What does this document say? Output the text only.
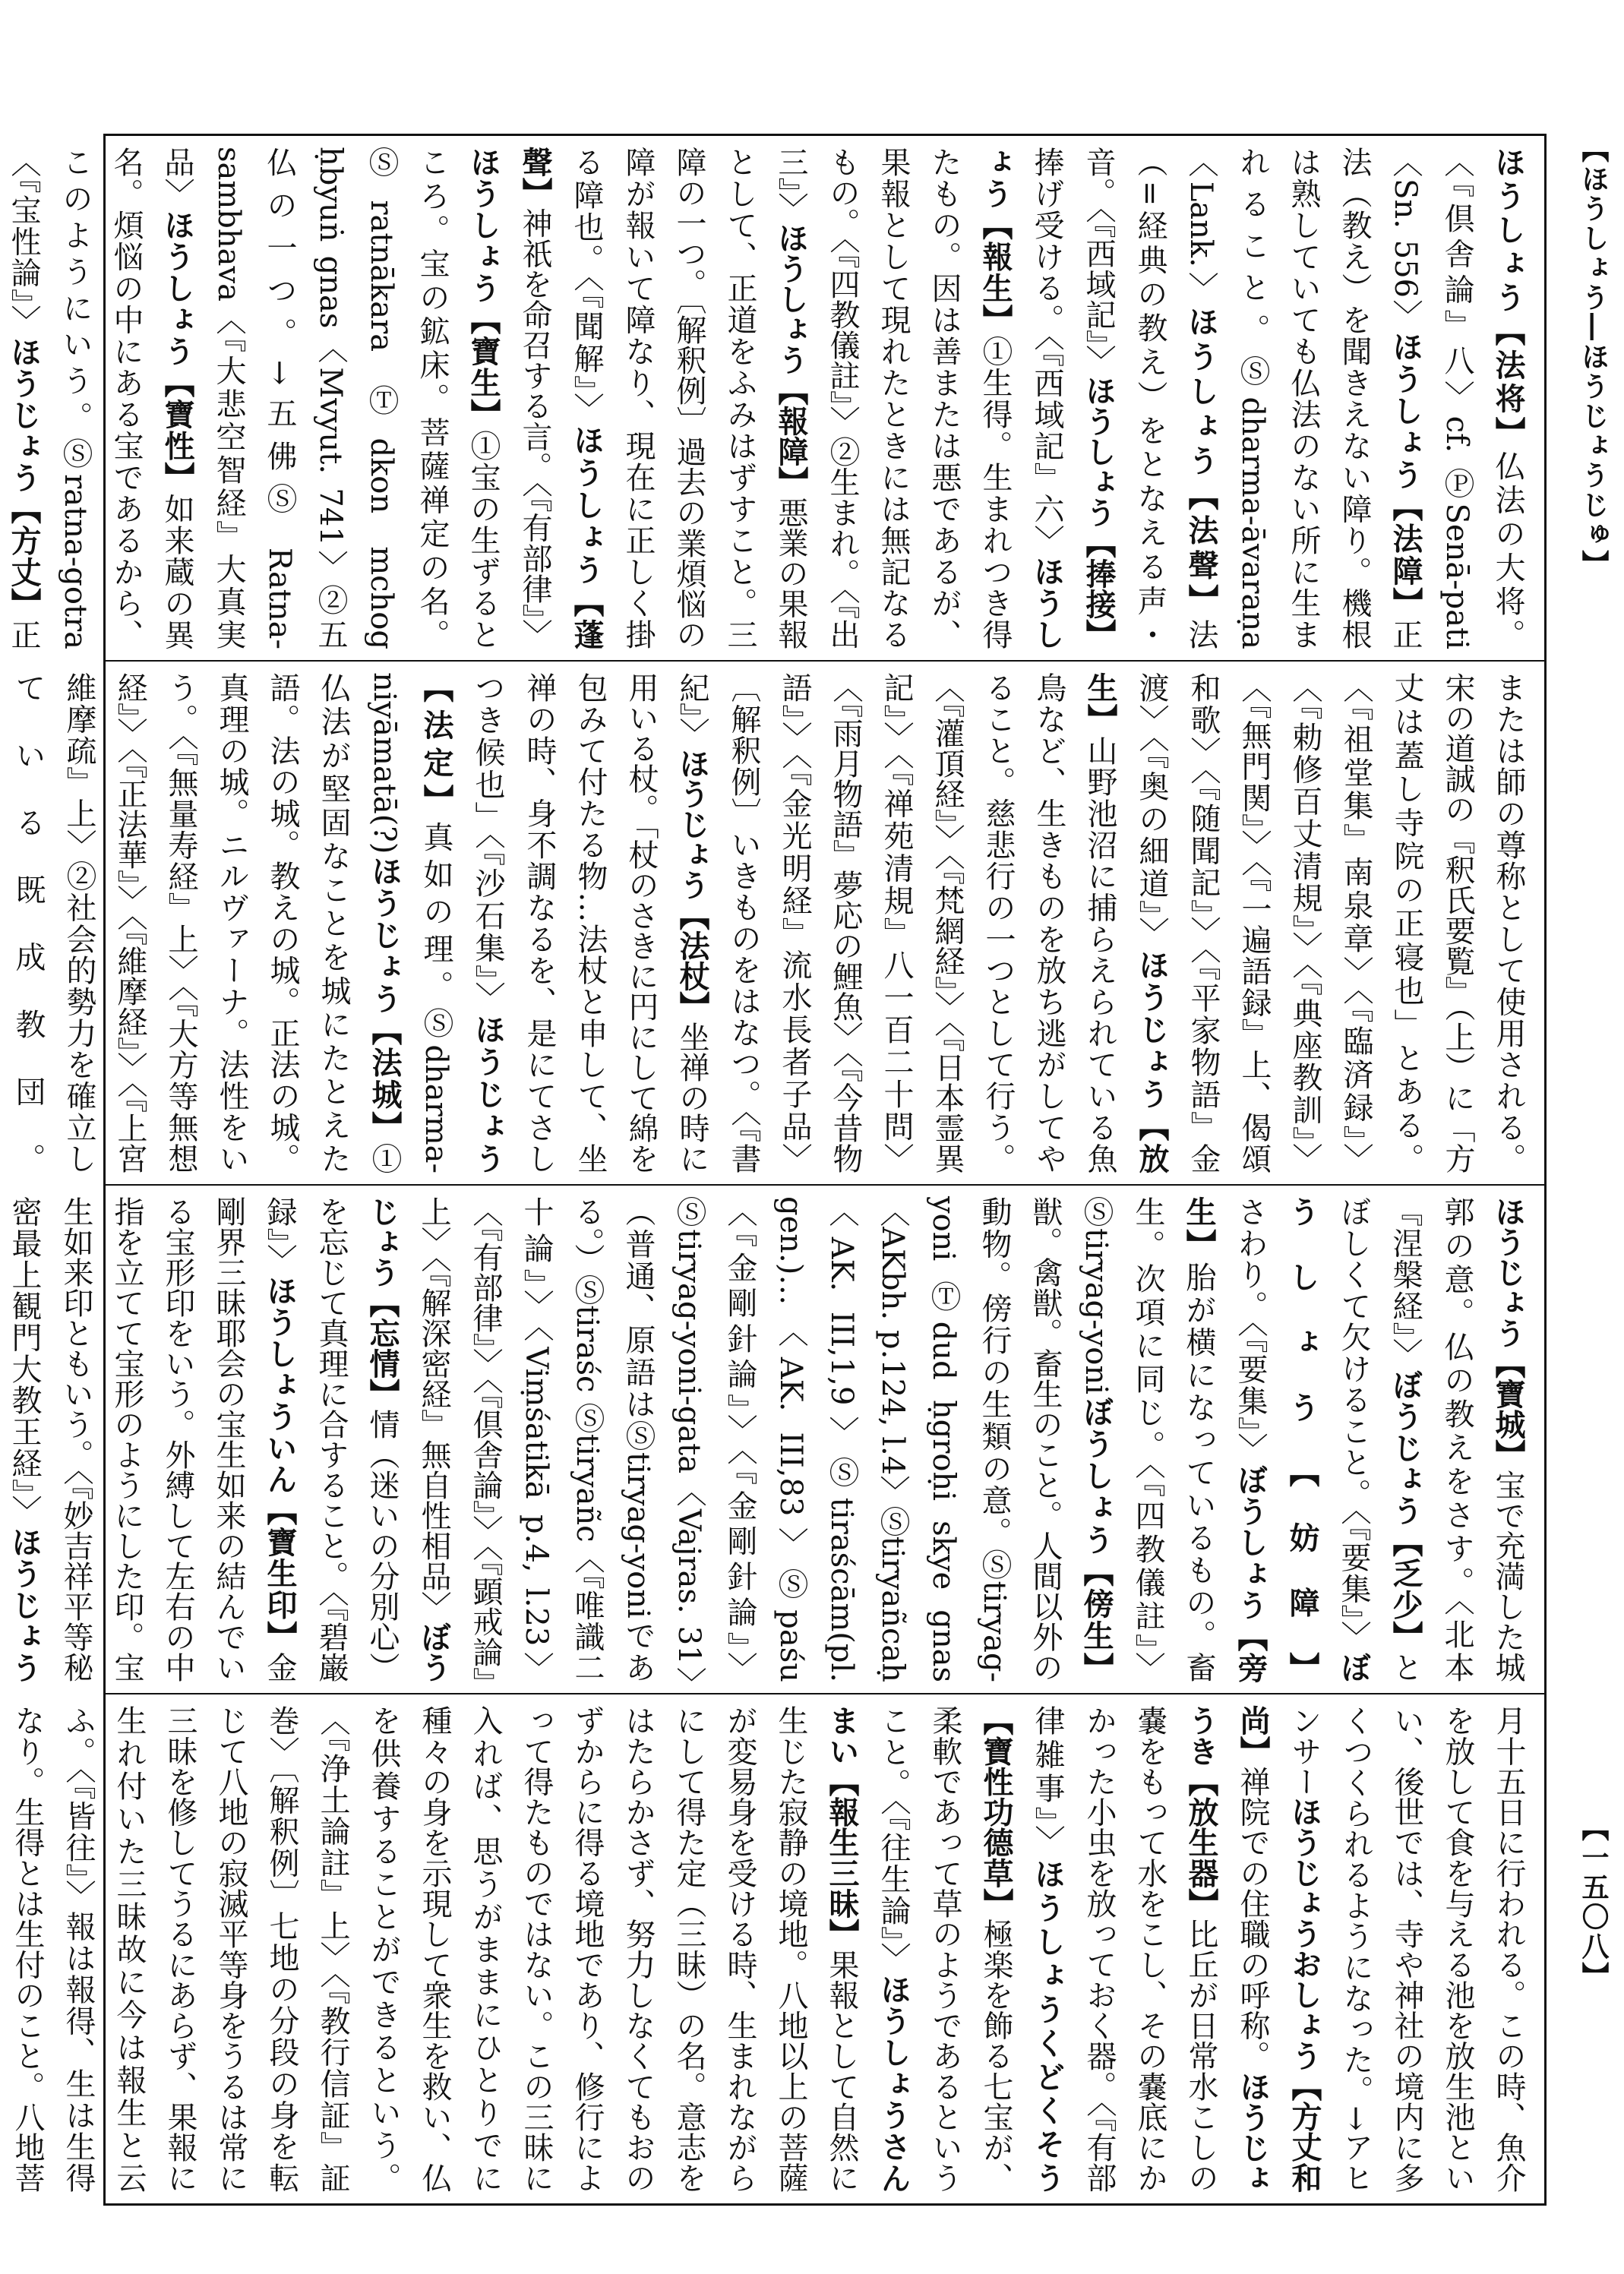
【ほうしょう―ほうじょうじゅ】
【一五〇八】
ほうしょう【法将】仏法の大将。〈『倶舎論』八〉cf. ⓅSenā-pati〈Sn. 556〉ほうしょう【法障】正法（教え）を聞きえない障り。機根は熟していても仏法のない所に生まれること。Ⓢdharma-āvaraṇa〈Lank.〉ほうしょう【法聲】法（=経典の教え）をとなえる声・音。〈『西域記』〉ほうしょう【捧接】捧げ受ける。〈『西域記』六〉ほうしょう【報生】①生得。生まれつき得たもの。因は善または悪であるが、果報として現れたときには無記なるもの。〈『四教儀註』〉②生まれ。〈『出三』〉ほうしょう【報障】悪業の果報として、正道をふみはずすこと。三障の一つ。〔解釈例〕過去の業煩悩の障が報いて障なり、現在に正しく掛る障也。〈『聞解』〉ほうしょう【蓬聲】神祇を命召する言。〈『有部律』〉ほうしょう【寶生】①宝の生ずるところ。宝の鉱床。菩薩禅定の名。Ⓢratnākara Ⓣdkon mchog ḥbyuṅ gnas〈Mvyut. 741〉②五仏の一つ。→五佛Ⓢ Ratna-sambhava〈『大悲空智経』大真実品〉ほうしょう【寶性】如来蔵の異名。煩悩の中にある宝であるから、このようにいう。Ⓢratna-gotra〈『宝性論』〉ほうじょう【方丈】正
または師の尊称として使用される。宋の道誠の『釈氏要覧』（上）に「方丈は蓋し寺院の正寝也」とある。〈『祖堂集』南泉章〉〈『臨済録』〉〈『勅修百丈清規』〉〈『典座教訓』〉〈『無門関』〉〈『一遍語録』上、偈頌和歌〉〈『随聞記』〉〈『平家物語』金渡〉〈『奥の細道』〉ほうじょう【放生】山野池沼に捕らえられている魚鳥など、生きものを放ち逃がしてやること。慈悲行の一つとして行う。〈『灌頂経』〉〈『梵網経』〉〈『日本霊異記』〉〈『禅苑清規』八一百二十問〉〈『雨月物語』夢応の鯉魚〉〈『今昔物語』〉〈『金光明経』流水長者子品〉〔解釈例〕いきものをはなつ。〈『書紀』〉ほうじょう【法杖】坐禅の時に用いる杖。「杖のさきに円にして綿を包みて付たる物…法杖と申して、坐禅の時、身不調なるを、是にてさしつき候也」〈『沙石集』〉ほうじょう【法定】真如の理。Ⓢdharma-niyāmatā(?)ほうじょう【法城】①仏法が堅固なことを城にたとえた語。法の城。教えの城。正法の城。真理の城。ニルヴァーナ。法性をいう。〈『無量寿経』上〉〈『大方等無想経』〉〈『正法華』〉〈『維摩経』〉〈『上宮維摩疏』上〉②社会的勢力を確立している既成教団。
ほうじょう【寶城】宝で充満した城郭の意。仏の教えをさす。〈北本『涅槃経』〉ぼうじょう【乏少】とぼしくて欠けること。〈『要集』〉ぼうしょう【妨障】さわり。〈『要集』〉ぼうしょう【旁生】胎が横になっているもの。畜生。次項に同じ。〈『四教儀註』〉Ⓢtiryag-yoniぼうしょう【傍生】獣。禽獣。畜生のこと。人間以外の動物。傍行の生類の意。Ⓢtiryag-yoni Ⓣdud ḥgroḥi skye gnas〈AKbh. p.124, l.4〉Ⓢtiryañcaḥ〈AK. III,1,9〉Ⓢtiraścām(pl. gen.)…〈AK. III,83〉Ⓢpaśu〈『金剛針論』〉〈『金剛針論』〉Ⓢtiryag-yoni-gata〈Vajras. 31〉（普通、原語はⓈtiryag-yoniである。）Ⓢtiraśc Ⓢtiryañc〈『唯識二十論』〉〈Viṃśatikā p.4, l.23〉〈『有部律』〉〈『倶舎論』〉〈『顕戒論』上〉〈『解深密経』無自性相品〉ぼうじょう【忘情】情（迷いの分別心）を忘じて真理に合すること。〈『碧巌録』〉ほうしょういん【寶生印】金剛界三昧耶会の宝生如来の結んでいる宝形印をいう。外縛して左右の中指を立てて宝形のようにした印。宝生如来印ともいう。〈『妙吉祥平等秘密最上観門大教王経』〉ほうじょう
月十五日に行われる。この時、魚介を放して食を与える池を放生池といい、後世では、寺や神社の境内に多くつくられるようになった。→アヒンサーほうじょうおしょう【方丈和尚】禅院での住職の呼称。ほうじょうき【放生器】比丘が日常水こしの嚢をもって水をこし、その嚢底にかかった小虫を放っておく器。〈『有部律雑事』〉ほうしょうくどくそう【寶性功德草】極楽を飾る七宝が、柔軟であって草のようであるということ。〈『往生論』〉ほうしょうさんまい【報生三昧】果報として自然に生じた寂静の境地。八地以上の菩薩が変易身を受ける時、生まれながらにして得た定（三昧）の名。意志をはたらかさず、努力しなくてもおのずからに得る境地であり、修行によって得たものではない。この三昧に入れば、思うがままにひとりでに種々の身を示現して衆生を救い、仏を供養することができるという。〈『浄土論註』上〉〈『教行信証』証巻〉〔解釈例〕七地の分段の身を転じて八地の寂滅平等身をうるは常に三昧を修してうるにあらず、果報に生れ付いた三昧故に今は報生と云ふ。〈『皆往』〉報は報得、生は生得なり。生得とは生付のこと。八地菩
